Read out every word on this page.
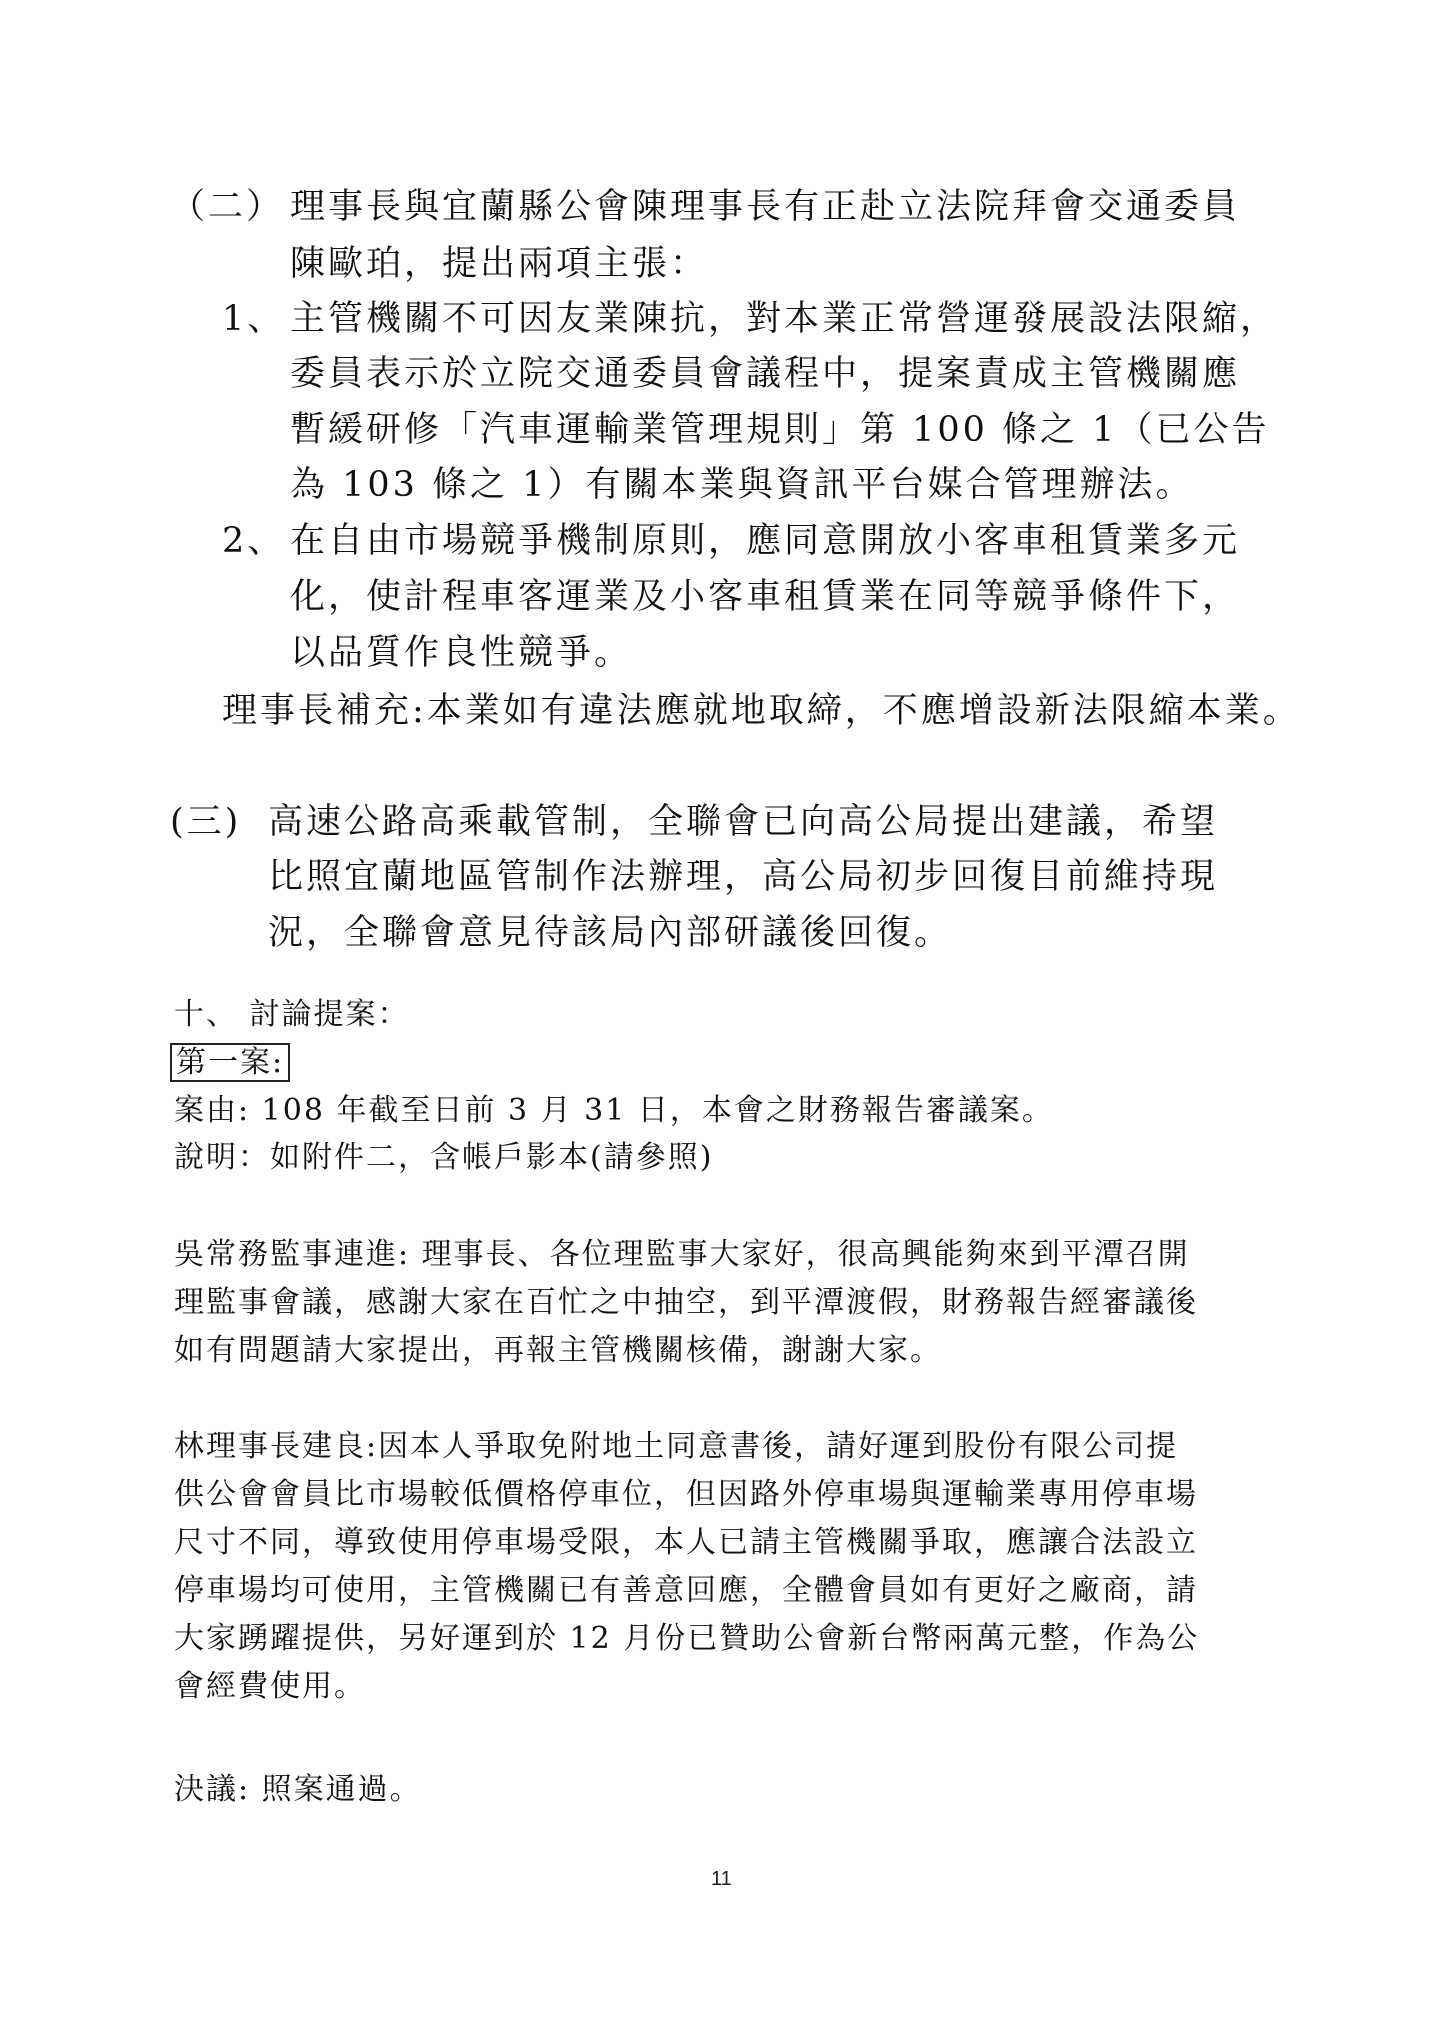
（二） 理事長與宜蘭縣公會陳理事長有正赴立法院拜會交通委員
陳歐珀，提出兩項主張：
1、 主管機關不可因友業陳抗，對本業正常營運發展設法限縮，
委員表示於立院交通委員會議程中，提案責成主管機關應
暫緩研修「汽車運輸業管理規則」第 100 條之 1（已公告
為 103 條之 1）有關本業與資訊平台媒合管理辦法。
2、 在自由市場競爭機制原則，應同意開放小客車租賃業多元
化，使計程車客運業及小客車租賃業在同等競爭條件下，
以品質作良性競爭。
理事長補充:本業如有違法應就地取締，不應增設新法限縮本業。
(三) 高速公路高乘載管制，全聯會已向高公局提出建議，希望
比照宜蘭地區管制作法辦理，高公局初步回復目前維持現
況，全聯會意見待該局內部研議後回復。
十、 討論提案：
第一案:
案由: 108 年截至日前 3 月 31 日，本會之財務報告審議案。
說明：如附件二，含帳戶影本(請參照)
吳常務監事連進: 理事長、各位理監事大家好，很高興能夠來到平潭召開
理監事會議，感謝大家在百忙之中抽空，到平潭渡假，財務報告經審議後
如有問題請大家提出，再報主管機關核備，謝謝大家。
林理事長建良:因本人爭取免附地土同意書後，請好運到股份有限公司提
供公會會員比市場較低價格停車位，但因路外停車場與運輸業專用停車場
尺寸不同，導致使用停車場受限，本人已請主管機關爭取，應讓合法設立
停車場均可使用，主管機關已有善意回應，全體會員如有更好之廠商，請
大家踴躍提供，另好運到於 12 月份已贊助公會新台幣兩萬元整，作為公
會經費使用。
決議: 照案通過。
11
